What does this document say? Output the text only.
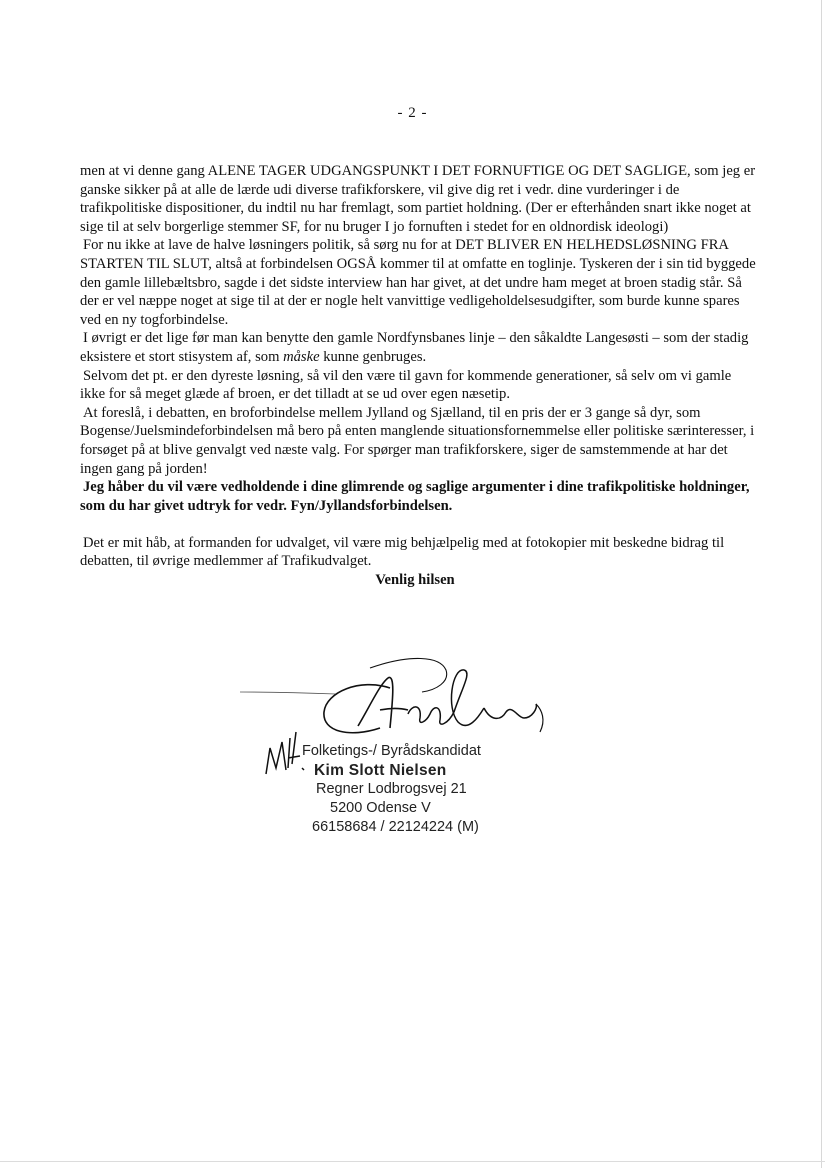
- 2 -

men at vi denne gang ALENE TAGER UDGANGSPUNKT I DET FORNUFTIGE OG DET SAGLIGE, som jeg er ganske sikker på at alle de lærde udi diverse trafikforskere, vil give dig ret i vedr. dine vurderinger i de trafikpolitiske dispositioner, du indtil nu har fremlagt, som partiet holdning. (Der er efterhånden snart ikke noget at sige til at selv borgerlige stemmer SF, for nu bruger I jo fornuften i stedet for en oldnordisk ideologi)

For nu ikke at lave de halve løsningers politik, så sørg nu for at DET BLIVER EN HELHEDSLØSNING FRA STARTEN TIL SLUT, altså at forbindelsen OGSÅ kommer til at omfatte en toglinje. Tyskeren der i sin tid byggede den gamle lillebæltsbro, sagde i det sidste interview han har givet, at det undre ham meget at broen stadig står. Så der er vel næppe noget at sige til at der er nogle helt vanvittige vedligeholdelsesudgifter, som burde kunne spares ved en ny togforbindelse.

I øvrigt er det lige før man kan benytte den gamle Nordfynsbanes linje – den såkaldte Langesøsti – som der stadig eksistere et stort stisystem af, som måske kunne genbruges.

Selvom det pt. er den dyreste løsning, så vil den være til gavn for kommende generationer, så selv om vi gamle ikke for så meget glæde af broen, er det tilladt at se ud over egen næsetip.

At foreslå, i debatten, en broforbindelse mellem Jylland og Sjælland, til en pris der er 3 gange så dyr, som Bogense/Juelsmindeforbindelsen må bero på enten manglende situationsfornemmelse eller politiske særinteresser, i forsøget på at blive genvalgt ved næste valg. For spørger man trafikforskere, siger de samstemmende at har det ingen gang på jorden!

Jeg håber du vil være vedholdende i dine glimrende og saglige argumenter i dine trafikpolitiske holdninger, som du har givet udtryk for vedr. Fyn/Jyllandsforbindelsen.

Det er mit håb, at formanden for udvalget, vil være mig behjælpelig med at fotokopier mit beskedne bidrag til debatten, til øvrige medlemmer af Trafikudvalget.

Venlig hilsen

Folketings-/ Byrådskandidat
Kim Slott Nielsen
Regner Lodbrogsvej 21
5200 Odense V
66158684 / 22124224 (M)
